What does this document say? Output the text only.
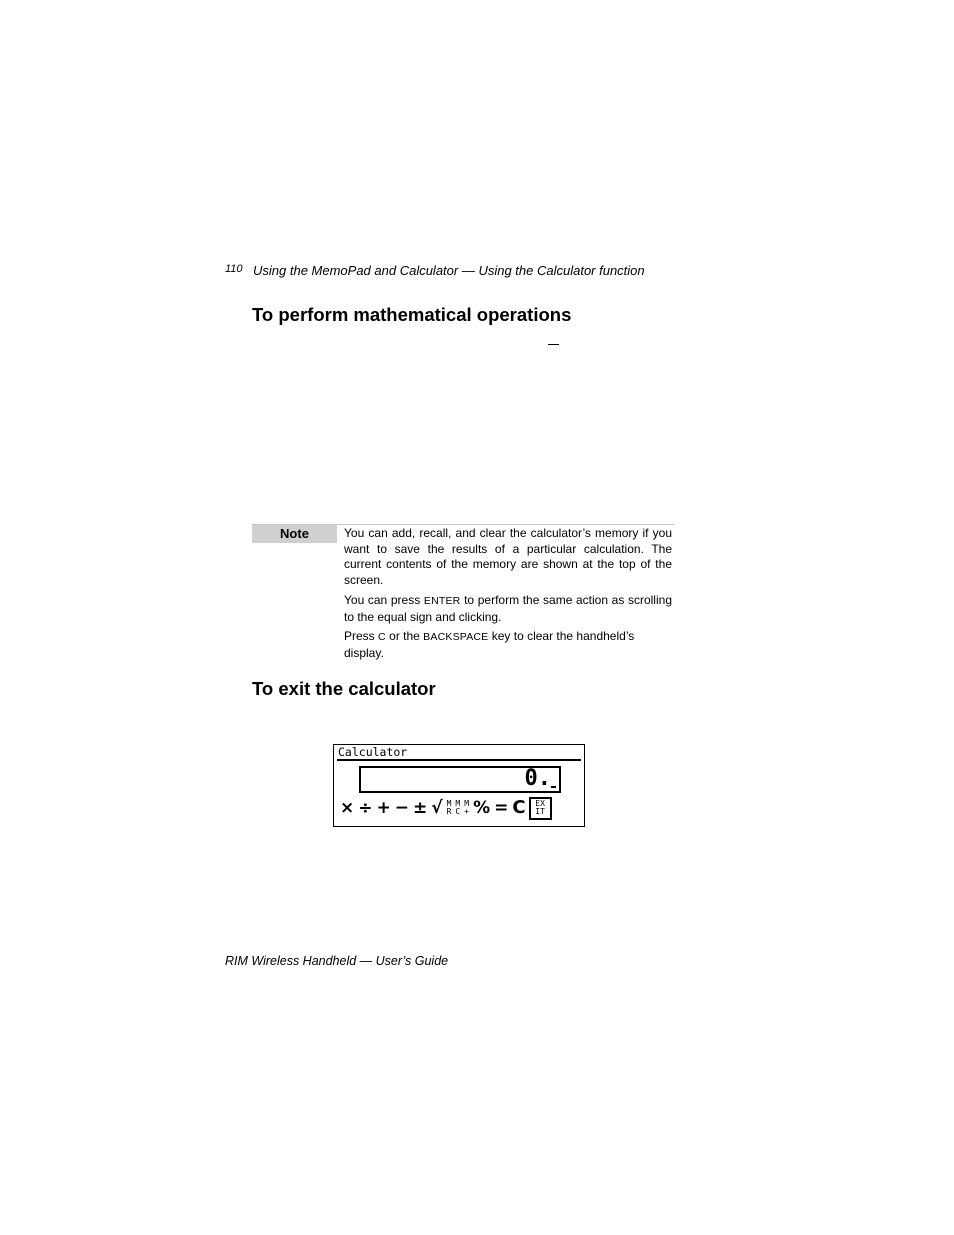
110 Using the MemoPad and Calculator — Using the Calculator function
To perform mathematical operations
Note	You can add, recall, and clear the calculator’s memory if you want to save the results of a particular calculation. The current contents of the memory are shown at the top of the screen.

You can press ENTER to perform the same action as scrolling to the equal sign and clicking.

Press C or the BACKSPACE key to clear the handheld’s display.

To exit the calculator
Calculator
0.
× ÷ + − ± √ M
R
M
C
M
+ % = C EX
IT
RIM Wireless Handheld — User’s Guide
